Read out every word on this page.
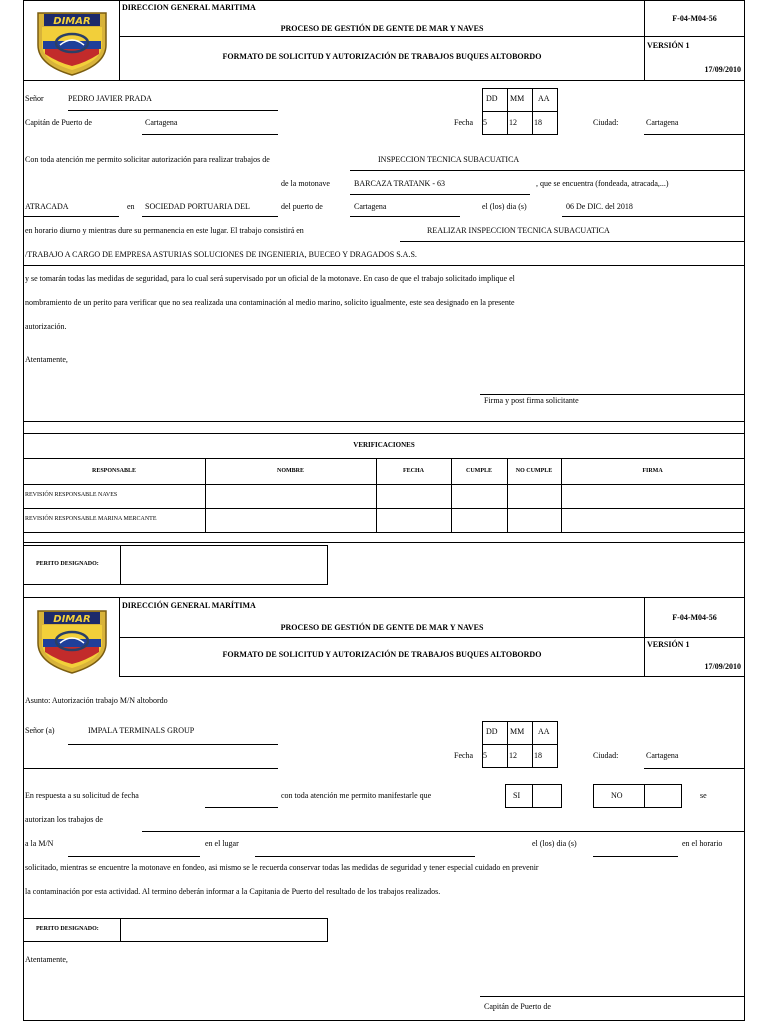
DIMAR
DIRECCION GENERAL MARITIMA
PROCESO DE GESTIÓN DE GENTE DE MAR Y NAVES
FORMATO DE SOLICITUD Y AUTORIZACIÓN DE TRABAJOS BUQUES ALTOBORDO
F-04-M04-56
VERSIÓN 1
17/09/2010
Señor	PEDRO JAVIER PRADA	DD MM AA
Fecha 5	12 18
Capitán de Puerto de	Cartagena	Ciudad:	Cartagena
Con toda atención me permito solicitar autorización para realizar trabajos de	INSPECCION TECNICA SUBACUATICA
de la motonave	BARCAZA TRATANK - 63	, que se encuentra (fondeada, atracada,...)
ATRACADA	en SOCIEDAD PORTUARIA DEL	del puerto de	Cartagena	el (los) dia (s)	06 De DIC. del 2018
en horario diurno y mientras dure su permanencia en este lugar. El trabajo consistirá en	REALIZAR INSPECCION TECNICA SUBACUATICA
/TRABAJO A CARGO DE EMPRESA ASTURIAS SOLUCIONES DE INGENIERIA, BUECEO Y DRAGADOS S.A.S.
y se tomarán todas las medidas de seguridad, para lo cual será supervisado por un oficial de la motonave. En caso de que el trabajo solicitado implique el
nombramiento de un perito para verificar que no sea realizada una contaminación al medio marino, solicito igualmente, este sea designado en la presente
autorización.
Atentamente,
Firma y post firma solicitante
VERIFICACIONES
RESPONSABLE	NOMBRE	FECHA	CUMPLE	NO CUMPLE	FIRMA
REVISIÓN RESPONSABLE NAVES
REVISIÓN RESPONSABLE MARINA MERCANTE
PERITO DESIGNADO:
DIMAR
DIRECCIÓN GENERAL MARÍTIMA
PROCESO DE GESTIÓN DE GENTE DE MAR Y NAVES
FORMATO DE SOLICITUD Y AUTORIZACIÓN DE TRABAJOS BUQUES ALTOBORDO
F-04-M04-56
VERSIÓN 1
17/09/2010
Asunto: Autorización trabajo M/N altobordo
Señor (a)	IMPALA TERMINALS GROUP	DD MM AA
Fecha 5	12 18	Ciudad:	Cartagena
En respuesta a su solicitud de fecha	con toda atención me permito manifestarle que	SI	NO	se
autorizan los trabajos de
a la M/N	en el lugar	el (los) dia (s)	en el horario
solicitado, mientras se encuentre la motonave en fondeo, asi mismo se le recuerda conservar todas las medidas de seguridad y tener especial cuidado en prevenir
la contaminación por esta actividad. Al termino deberán informar a la Capitania de Puerto del resultado de los trabajos realizados.
PERITO DESIGNADO:
Atentamente,
Capitán de Puerto de
